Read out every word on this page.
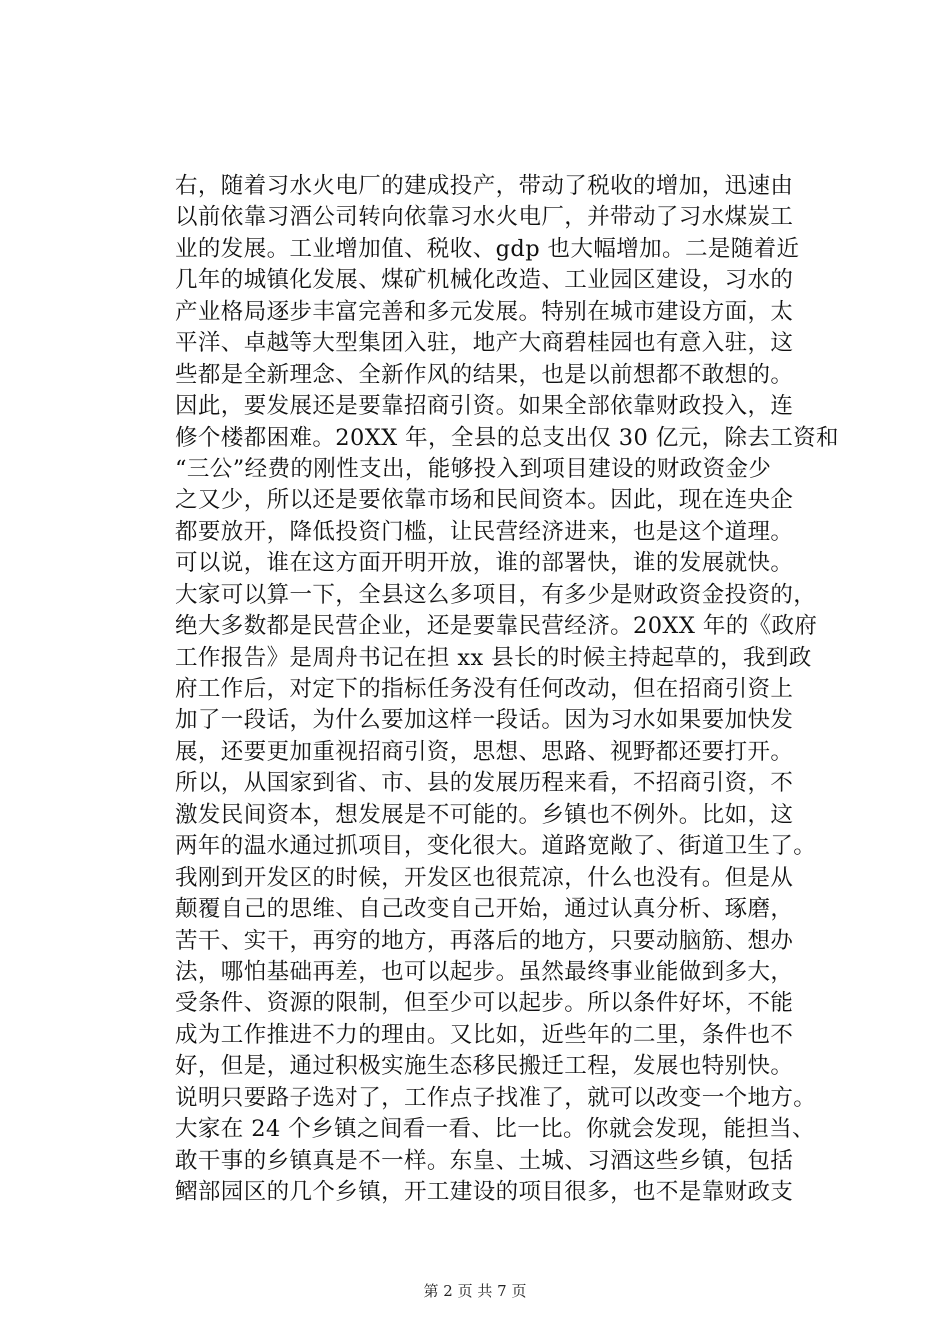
右，随着习水火电厂的建成投产，带动了税收的增加，迅速由
以前依靠习酒公司转向依靠习水火电厂，并带动了习水煤炭工
业的发展。工业增加值、税收、gdp 也大幅增加。二是随着近
几年的城镇化发展、煤矿机械化改造、工业园区建设，习水的
产业格局逐步丰富完善和多元发展。特别在城市建设方面，太
平洋、卓越等大型集团入驻，地产大商碧桂园也有意入驻，这
些都是全新理念、全新作风的结果，也是以前想都不敢想的。
因此，要发展还是要靠招商引资。如果全部依靠财政投入，连
修个楼都困难。20XX 年，全县的总支出仅 30 亿元，除去工资和
“三公”经费的刚性支出，能够投入到项目建设的财政资金少
之又少，所以还是要依靠市场和民间资本。因此，现在连央企
都要放开，降低投资门槛，让民营经济进来，也是这个道理。
可以说，谁在这方面开明开放，谁的部署快，谁的发展就快。
大家可以算一下，全县这么多项目，有多少是财政资金投资的，
绝大多数都是民营企业，还是要靠民营经济。20XX 年的《政府
工作报告》是周舟书记在担 xx 县长的时候主持起草的，我到政
府工作后，对定下的指标任务没有任何改动，但在招商引资上
加了一段话，为什么要加这样一段话。因为习水如果要加快发
展，还要更加重视招商引资，思想、思路、视野都还要打开。
所以，从国家到省、市、县的发展历程来看，不招商引资，不
激发民间资本，想发展是不可能的。乡镇也不例外。比如，这
两年的温水通过抓项目，变化很大。道路宽敞了、街道卫生了。
我刚到开发区的时候，开发区也很荒凉，什么也没有。但是从
颠覆自己的思维、自己改变自己开始，通过认真分析、琢磨，
苦干、实干，再穷的地方，再落后的地方，只要动脑筋、想办
法，哪怕基础再差，也可以起步。虽然最终事业能做到多大，
受条件、资源的限制，但至少可以起步。所以条件好坏，不能
成为工作推进不力的理由。又比如，近些年的二里，条件也不
好，但是，通过积极实施生态移民搬迁工程，发展也特别快。
说明只要路子选对了，工作点子找准了，就可以改变一个地方。
大家在 24 个乡镇之间看一看、比一比。你就会发现，能担当、
敢干事的乡镇真是不一样。东皇、土城、习酒这些乡镇，包括
鳛部园区的几个乡镇，开工建设的项目很多，也不是靠财政支
第 2 页 共 7 页
